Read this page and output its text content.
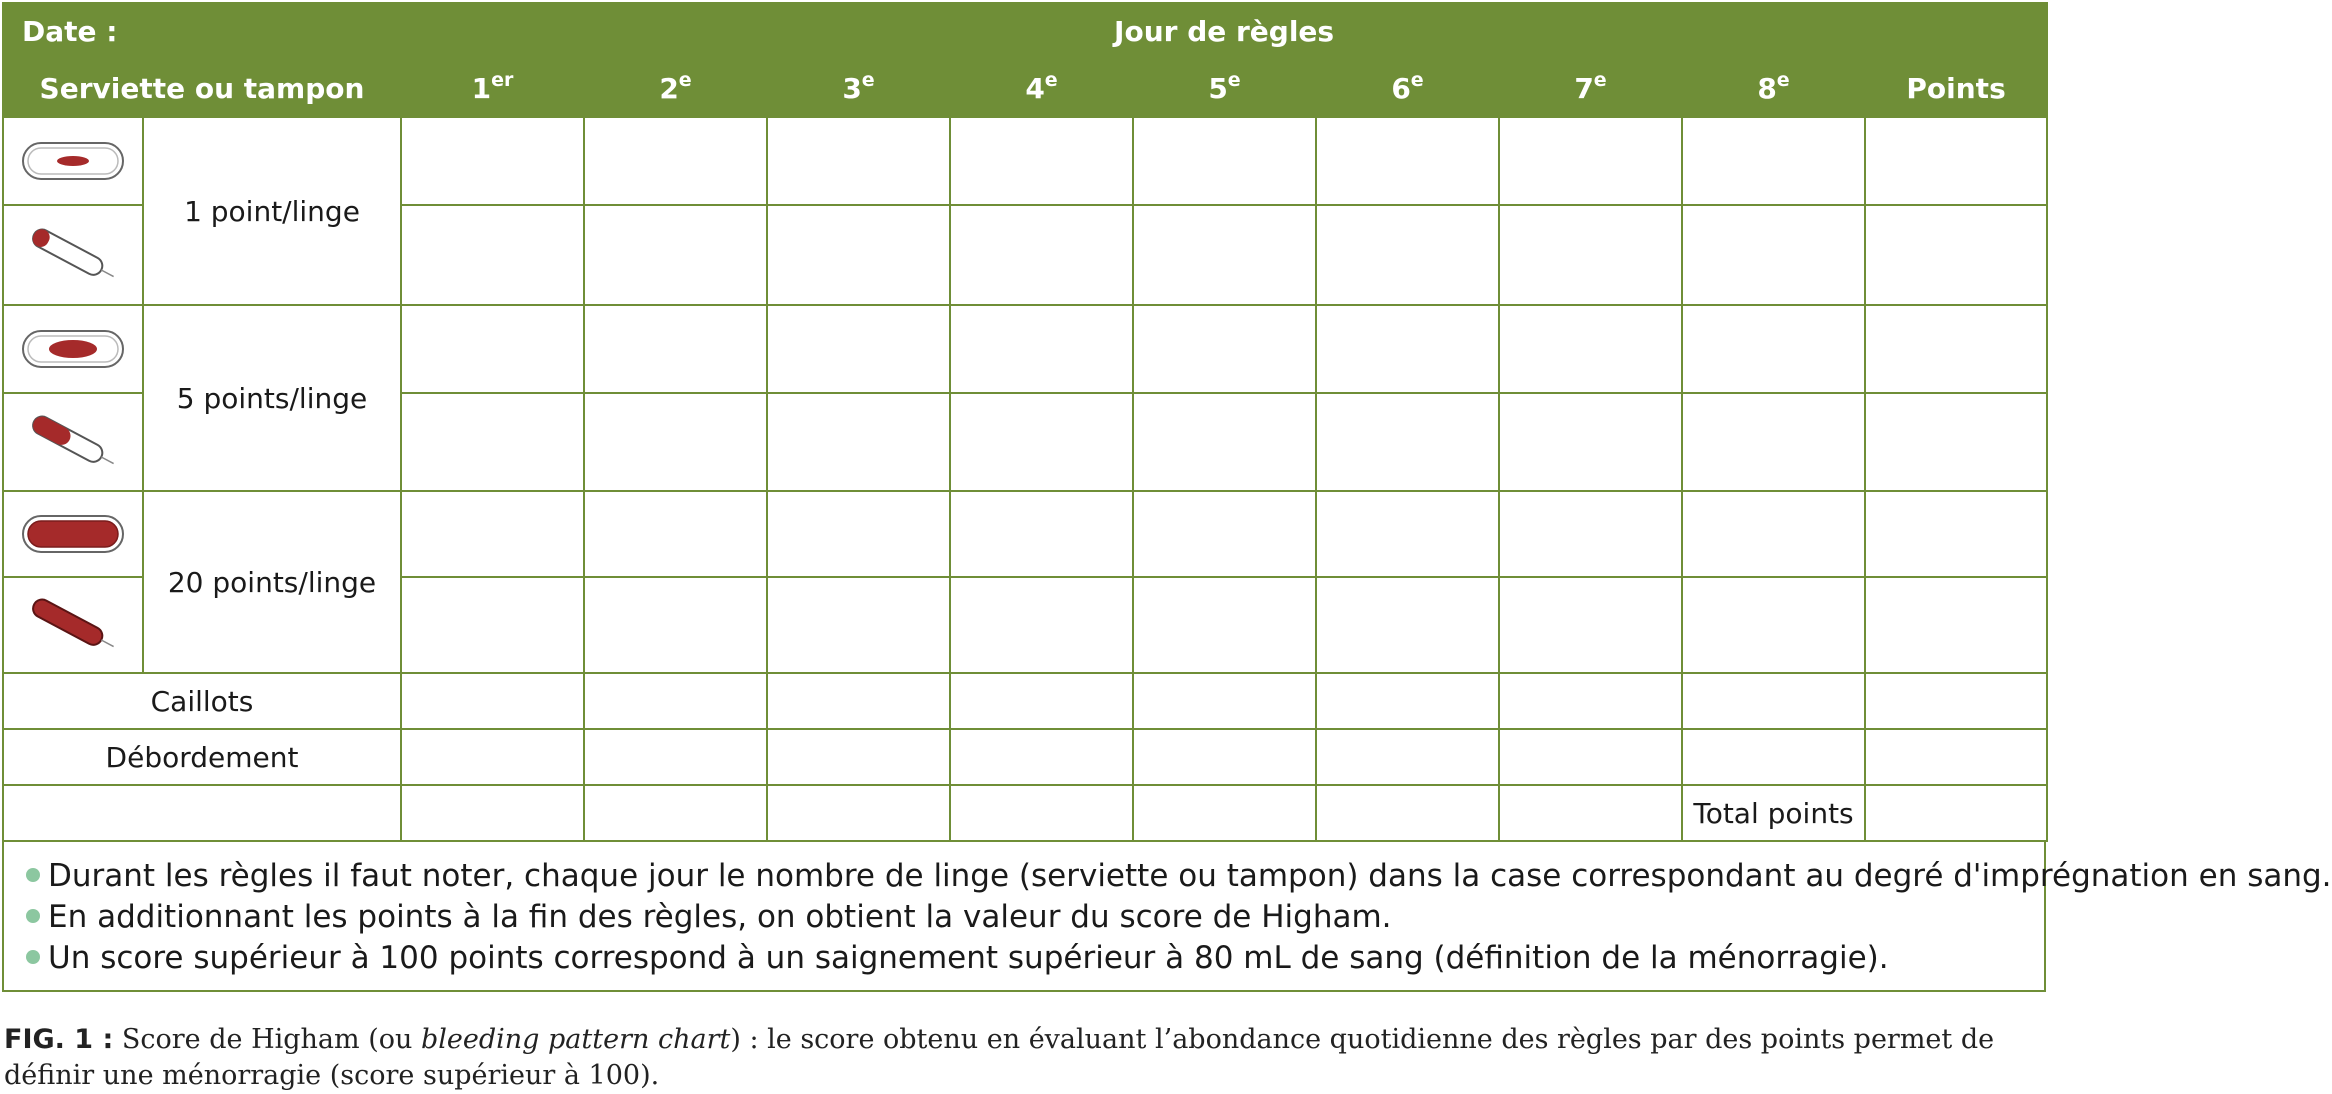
Date :		Jour de règles								
Serviette ou tampon		1er	2e	3e	4e	5e	6e	7e	8e	Points

	1 point/linge									

	5 points/linge									

	20 points/linge									

Caillots										
Débordement										
									Total points	
Durant les règles il faut noter, chaque jour le nombre de linge (serviette ou tampon) dans la case correspondant au degré d'imprégnation en sang.
En additionnant les points à la fin des règles, on obtient la valeur du score de Higham.
Un score supérieur à 100 points correspond à un saignement supérieur à 80 mL de sang (définition de la ménorragie).
FIG. 1 : Score de Higham (ou bleeding pattern chart) : le score obtenu en évaluant l’abondance quotidienne des règles par des points permet de définir une ménorragie (score supérieur à 100).
